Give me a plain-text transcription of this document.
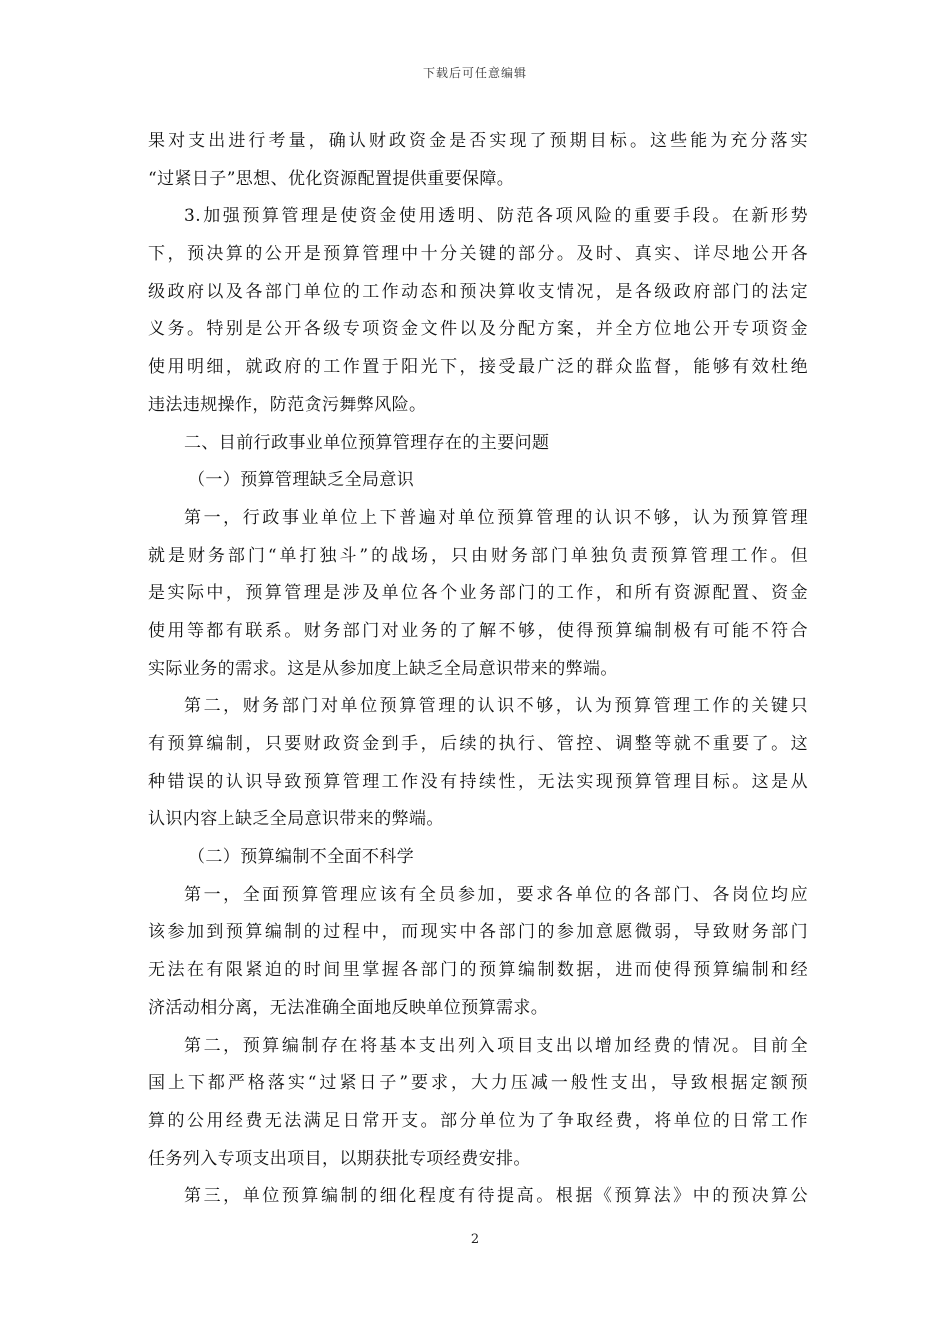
下载后可任意编辑
果对支出进行考量，确认财政资金是否实现了预期目标。这些能为充分落实
“过紧日子”思想、优化资源配置提供重要保障。
3.加强预算管理是使资金使用透明、防范各项风险的重要手段。在新形势
下，预决算的公开是预算管理中十分关键的部分。及时、真实、详尽地公开各
级政府以及各部门单位的工作动态和预决算收支情况，是各级政府部门的法定
义务。特别是公开各级专项资金文件以及分配方案，并全方位地公开专项资金
使用明细，就政府的工作置于阳光下，接受最广泛的群众监督，能够有效杜绝
违法违规操作，防范贪污舞弊风险。
二、目前行政事业单位预算管理存在的主要问题
（一）预算管理缺乏全局意识
第一，行政事业单位上下普遍对单位预算管理的认识不够，认为预算管理
就是财务部门“单打独斗”的战场，只由财务部门单独负责预算管理工作。但
是实际中，预算管理是涉及单位各个业务部门的工作，和所有资源配置、资金
使用等都有联系。财务部门对业务的了解不够，使得预算编制极有可能不符合
实际业务的需求。这是从参加度上缺乏全局意识带来的弊端。
第二，财务部门对单位预算管理的认识不够，认为预算管理工作的关键只
有预算编制，只要财政资金到手，后续的执行、管控、调整等就不重要了。这
种错误的认识导致预算管理工作没有持续性，无法实现预算管理目标。这是从
认识内容上缺乏全局意识带来的弊端。
（二）预算编制不全面不科学
第一，全面预算管理应该有全员参加，要求各单位的各部门、各岗位均应
该参加到预算编制的过程中，而现实中各部门的参加意愿微弱，导致财务部门
无法在有限紧迫的时间里掌握各部门的预算编制数据，进而使得预算编制和经
济活动相分离，无法准确全面地反映单位预算需求。
第二，预算编制存在将基本支出列入项目支出以增加经费的情况。目前全
国上下都严格落实“过紧日子”要求，大力压减一般性支出，导致根据定额预
算的公用经费无法满足日常开支。部分单位为了争取经费，将单位的日常工作
任务列入专项支出项目，以期获批专项经费安排。
第三，单位预算编制的细化程度有待提高。根据《预算法》中的预决算公
2
